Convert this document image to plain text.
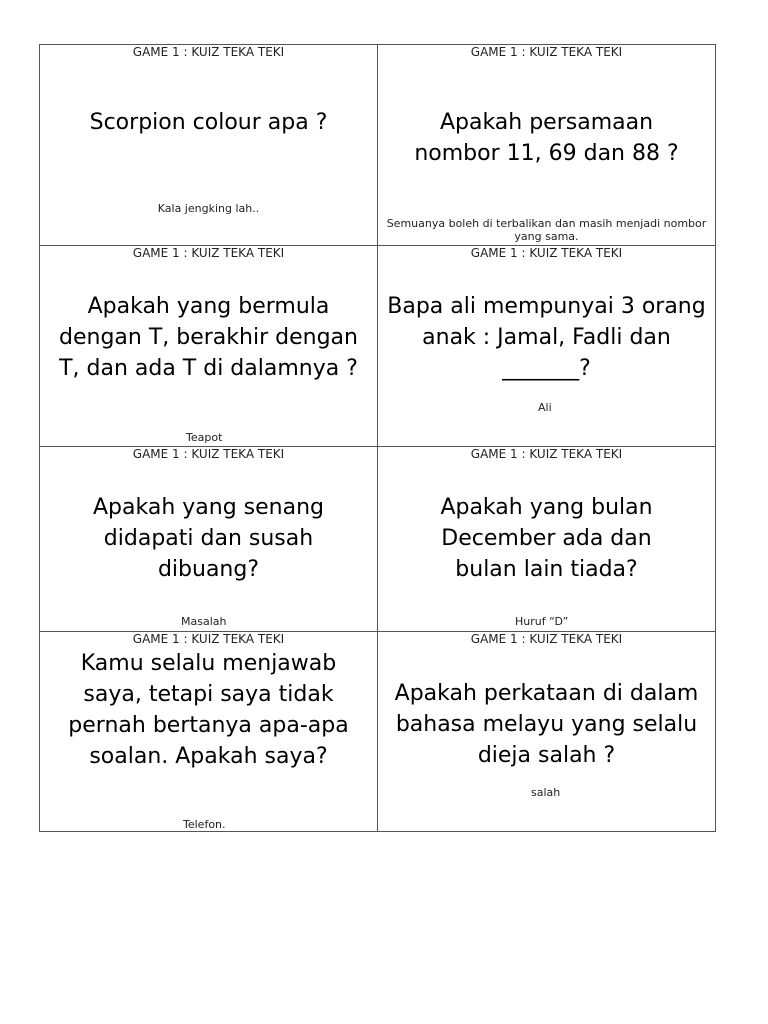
GAME 1 : KUIZ TEKA TEKI
Scorpion colour apa ?
Kala jengking lah..
GAME 1 : KUIZ TEKA TEKI
Apakah persamaan nombor 11, 69 dan 88 ?
Semuanya boleh di terbalikan dan masih menjadi nombor yang sama.
GAME 1 : KUIZ TEKA TEKI
Apakah yang bermula dengan T, berakhir dengan T, dan ada T di dalamnya ?
Teapot
GAME 1 : KUIZ TEKA TEKI
Bapa ali mempunyai 3 orang anak : Jamal, Fadli dan _______?
Ali
GAME 1 : KUIZ TEKA TEKI
Apakah yang senang didapati dan susah dibuang?
Masalah
GAME 1 : KUIZ TEKA TEKI
Apakah yang bulan December ada dan bulan lain tiada?
Huruf “D”
GAME 1 : KUIZ TEKA TEKI
Kamu selalu menjawab saya, tetapi saya tidak pernah bertanya apa-apa soalan. Apakah saya?
Telefon.
GAME 1 : KUIZ TEKA TEKI
Apakah perkataan di dalam bahasa melayu yang selalu dieja salah ?
salah
